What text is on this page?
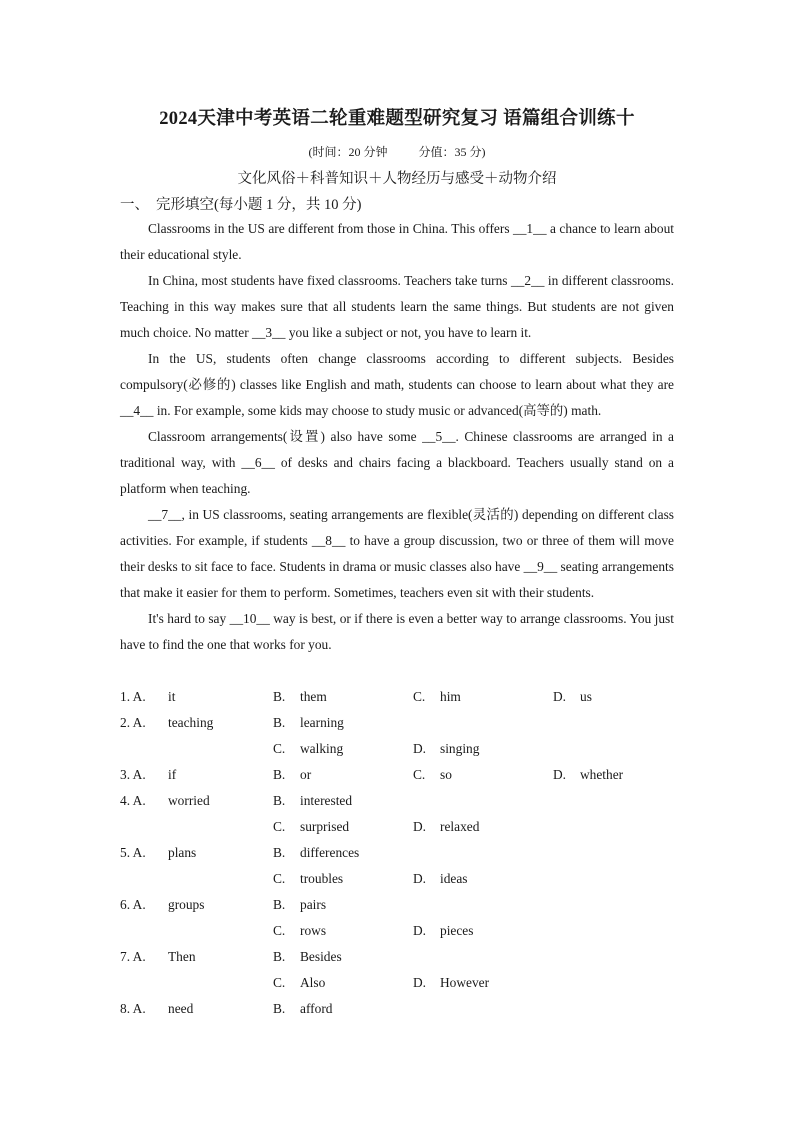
2024天津中考英语二轮重难题型研究复习 语篇组合训练十
(时间：20 分钟	分值：35 分)
文化风俗＋科普知识＋人物经历与感受＋动物介绍
一、 完形填空(每小题 1 分，共 10 分)

Classrooms in the US are different from those in China. This offers __1__ a chance to learn about their educational style.

In China, most students have fixed classrooms. Teachers take turns __2__ in different classrooms. Teaching in this way makes sure that all students learn the same things. But students are not given much choice. No matter __3__ you like a subject or not, you have to learn it.

In the US, students often change classrooms according to different subjects. Besides compulsory(必修的) classes like English and math, students can choose to learn about what they are __4__ in. For example, some kids may choose to study music or advanced(高等的) math.

Classroom arrangements(设置) also have some __5__. Chinese classrooms are arranged in a traditional way, with __6__ of desks and chairs facing a blackboard. Teachers usually stand on a platform when teaching.

__7__, in US classrooms, seating arrangements are flexible(灵活的) depending on different class activities. For example, if students __8__ to have a group discussion, two or three of them will move their desks to sit face to face. Students in drama or music classes also have __9__ seating arrangements that make it easier for them to perform. Sometimes, teachers even sit with their students.

It's hard to say __10__ way is best, or if there is even a better way to arrange classrooms. You just have to find the one that works for you.

1. A. it	B. them	C. him	D. us
2. A. teaching	B. learning
C. walking	D. singing
3. A. if	B. or	C. so	D. whether
4. A. worried	B. interested
C. surprised	D. relaxed
5. A. plans	B. differences
C. troubles	D. ideas
6. A. groups	B. pairs
C. rows	D. pieces
7. A. Then	B. Besides
C. Also	D. However
8. A. need	B. afford
